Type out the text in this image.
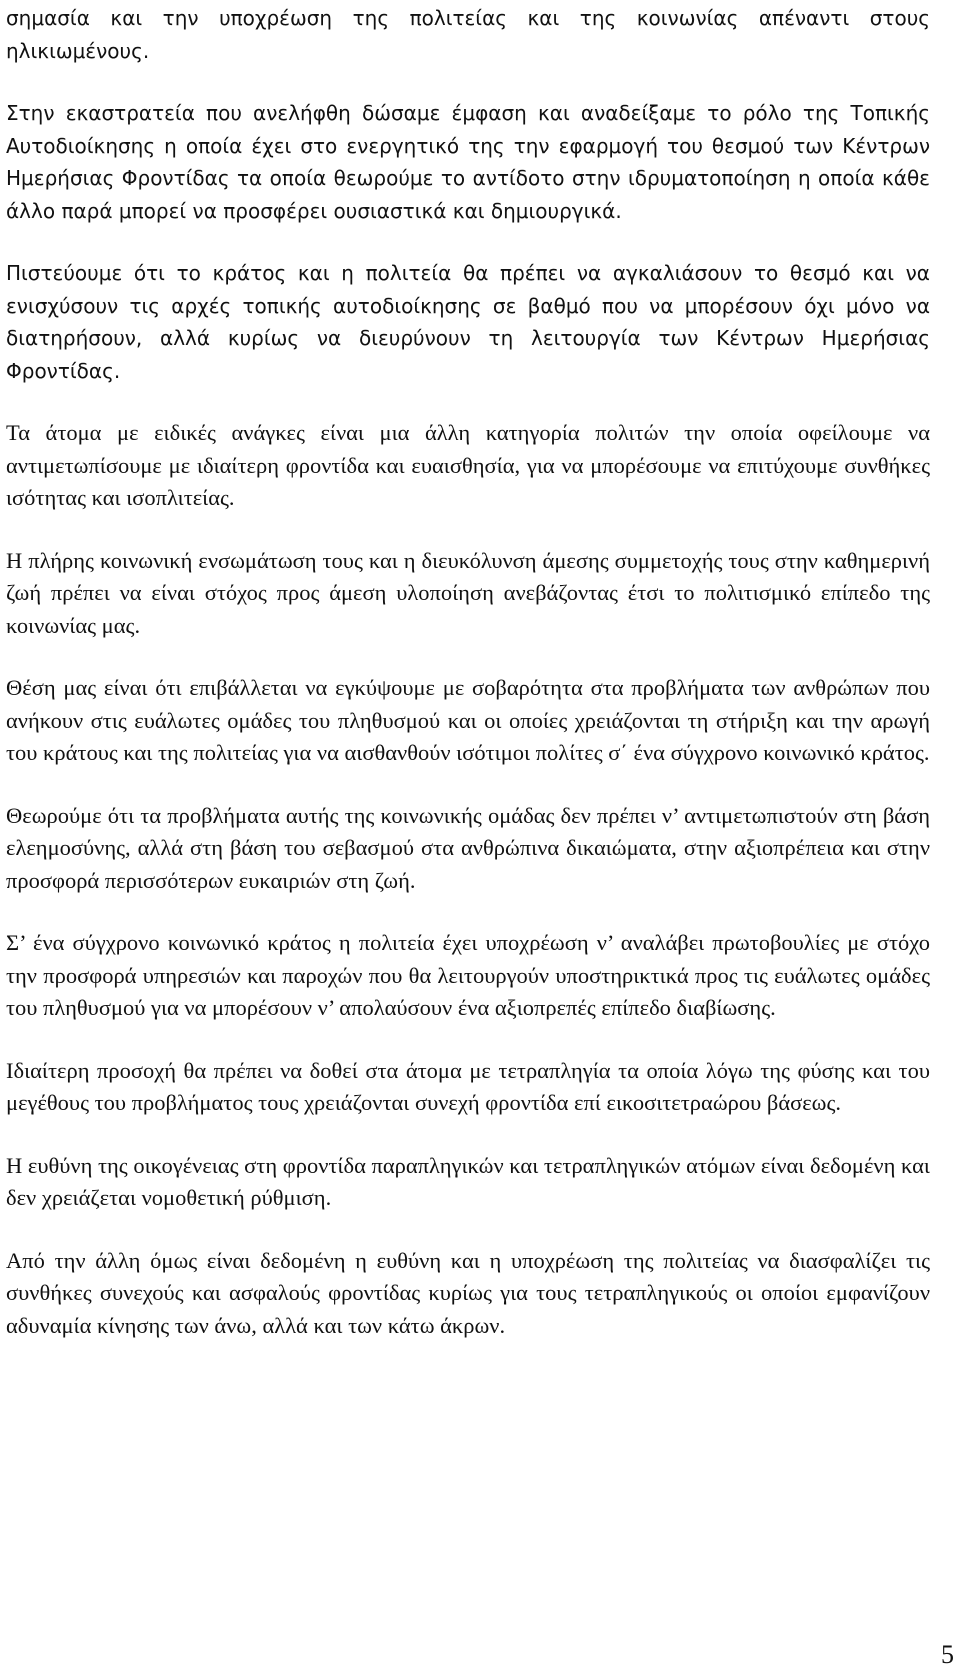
σημασία και την υποχρέωση της πολιτείας και της κοινωνίας απέναντι στους ηλικιωμένους.

Στην εκαστρατεία που ανελήφθη δώσαμε έμφαση και αναδείξαμε το ρόλο της Τοπικής Αυτοδιοίκησης η οποία έχει στο ενεργητικό της την εφαρμογή του θεσμού των Κέντρων Ημερήσιας Φροντίδας τα οποία θεωρούμε το αντίδοτο στην ιδρυματοποίηση η οποία κάθε άλλο παρά μπορεί να προσφέρει ουσιαστικά και δημιουργικά.

Πιστεύουμε ότι το κράτος και η πολιτεία θα πρέπει να αγκαλιάσουν το θεσμό και να ενισχύσουν τις αρχές τοπικής αυτοδιοίκησης σε βαθμό που να μπορέσουν όχι μόνο να διατηρήσουν, αλλά κυρίως να διευρύνουν τη λειτουργία των Κέντρων Ημερήσιας Φροντίδας.

Τα άτομα με ειδικές ανάγκες είναι μια άλλη κατηγορία πολιτών την οποία οφείλουμε να αντιμετωπίσουμε με ιδιαίτερη φροντίδα και ευαισθησία, για να μπορέσουμε να επιτύχουμε συνθήκες ισότητας και ισοπλιτείας.

Η πλήρης κοινωνική ενσωμάτωση τους και η διευκόλυνση άμεσης συμμετοχής τους στην καθημερινή ζωή πρέπει να είναι στόχος προς άμεση υλοποίηση ανεβάζοντας έτσι το πολιτισμικό επίπεδο της κοινωνίας μας.

Θέση μας είναι ότι επιβάλλεται να εγκύψουμε με σοβαρότητα στα προβλήματα των ανθρώπων που ανήκουν στις ευάλωτες ομάδες του πληθυσμού και οι οποίες χρειάζονται τη στήριξη και την αρωγή του κράτους και της πολιτείας για να αισθανθούν ισότιμοι πολίτες σ΄ ένα σύγχρονο κοινωνικό κράτος.

Θεωρούμε ότι τα προβλήματα αυτής της κοινωνικής ομάδας δεν πρέπει ν’ αντιμετωπιστούν στη βάση ελεημοσύνης, αλλά στη βάση του σεβασμού στα ανθρώπινα δικαιώματα, στην αξιοπρέπεια και στην προσφορά περισσότερων ευκαιριών στη ζωή.

Σ’ ένα σύγχρονο κοινωνικό κράτος η πολιτεία έχει υποχρέωση ν’ αναλάβει πρωτοβουλίες με στόχο την προσφορά υπηρεσιών και παροχών που θα λειτουργούν υποστηρικτικά προς τις ευάλωτες ομάδες του πληθυσμού για να μπορέσουν ν’ απολαύσουν ένα αξιοπρεπές επίπεδο διαβίωσης.

Ιδιαίτερη προσοχή θα πρέπει να δοθεί στα άτομα με τετραπληγία τα οποία λόγω της φύσης και του μεγέθους του προβλήματος τους χρειάζονται συνεχή φροντίδα επί εικοσιτετραώρου βάσεως.

Η ευθύνη της οικογένειας στη φροντίδα παραπληγικών και τετραπληγικών ατόμων είναι δεδομένη και δεν χρειάζεται νομοθετική ρύθμιση.

Από την άλλη όμως είναι δεδομένη η ευθύνη και η υποχρέωση της πολιτείας να διασφαλίζει τις συνθήκες συνεχούς και ασφαλούς φροντίδας κυρίως για τους τετραπληγικούς οι οποίοι εμφανίζουν αδυναμία κίνησης των άνω, αλλά και των κάτω άκρων.

5
